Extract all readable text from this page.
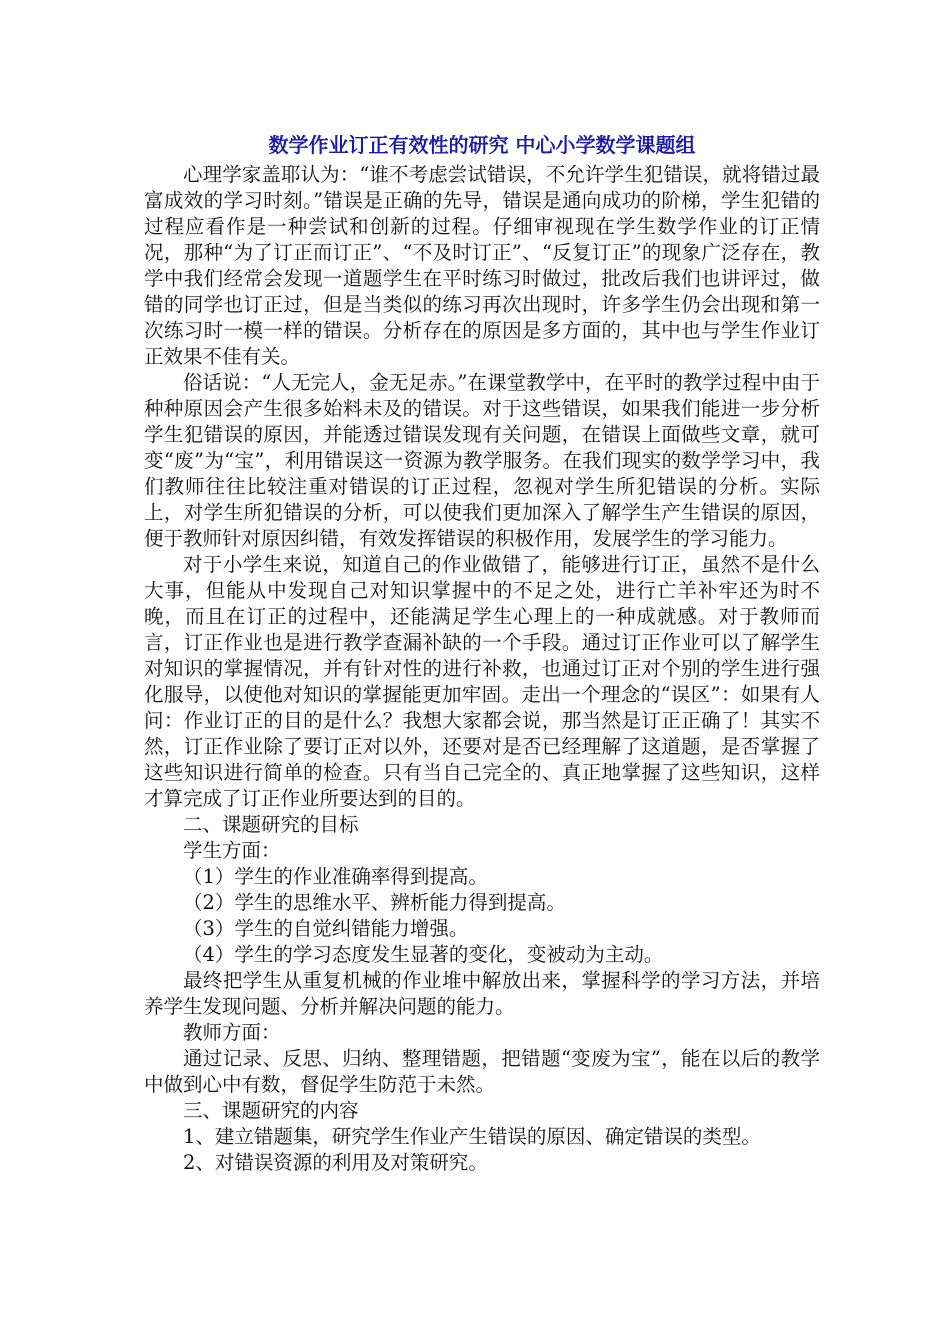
数学作业订正有效性的研究 中心小学数学课题组

心理学家盖耶认为：“谁不考虑尝试错误，不允许学生犯错误，就将错过最富成效的学习时刻。”错误是正确的先导，错误是通向成功的阶梯，学生犯错的过程应看作是一种尝试和创新的过程。仔细审视现在学生数学作业的订正情况，那种“为了订正而订正”、“不及时订正”、“反复订正”的现象广泛存在，教学中我们经常会发现一道题学生在平时练习时做过，批改后我们也讲评过，做错的同学也订正过，但是当类似的练习再次出现时，许多学生仍会出现和第一次练习时一模一样的错误。分析存在的原因是多方面的，其中也与学生作业订正效果不佳有关。

俗话说：“人无完人，金无足赤。”在课堂教学中，在平时的教学过程中由于种种原因会产生很多始料未及的错误。对于这些错误，如果我们能进一步分析学生犯错误的原因，并能透过错误发现有关问题，在错误上面做些文章，就可变“废”为“宝”，利用错误这一资源为教学服务。在我们现实的数学学习中，我们教师往往比较注重对错误的订正过程，忽视对学生所犯错误的分析。实际上，对学生所犯错误的分析，可以使我们更加深入了解学生产生错误的原因，便于教师针对原因纠错，有效发挥错误的积极作用，发展学生的学习能力。

对于小学生来说，知道自己的作业做错了，能够进行订正，虽然不是什么大事，但能从中发现自己对知识掌握中的不足之处，进行亡羊补牢还为时不晚，而且在订正的过程中，还能满足学生心理上的一种成就感。对于教师而言，订正作业也是进行教学查漏补缺的一个手段。通过订正作业可以了解学生对知识的掌握情况，并有针对性的进行补救，也通过订正对个别的学生进行强化服导，以使他对知识的掌握能更加牢固。走出一个理念的“误区”：如果有人问：作业订正的目的是什么？我想大家都会说，那当然是订正正确了！其实不然，订正作业除了要订正对以外，还要对是否已经理解了这道题，是否掌握了这些知识进行简单的检查。只有当自己完全的、真正地掌握了这些知识，这样才算完成了订正作业所要达到的目的。

二、课题研究的目标

学生方面：

（1）学生的作业准确率得到提高。

（2）学生的思维水平、辨析能力得到提高。

（3）学生的自觉纠错能力增强。

（4）学生的学习态度发生显著的变化，变被动为主动。

最终把学生从重复机械的作业堆中解放出来，掌握科学的学习方法，并培养学生发现问题、分析并解决问题的能力。

教师方面：

通过记录、反思、归纳、整理错题，把错题“变废为宝”，能在以后的教学中做到心中有数，督促学生防范于未然。

三、课题研究的内容

1、建立错题集，研究学生作业产生错误的原因、确定错误的类型。

2、对错误资源的利用及对策研究。
